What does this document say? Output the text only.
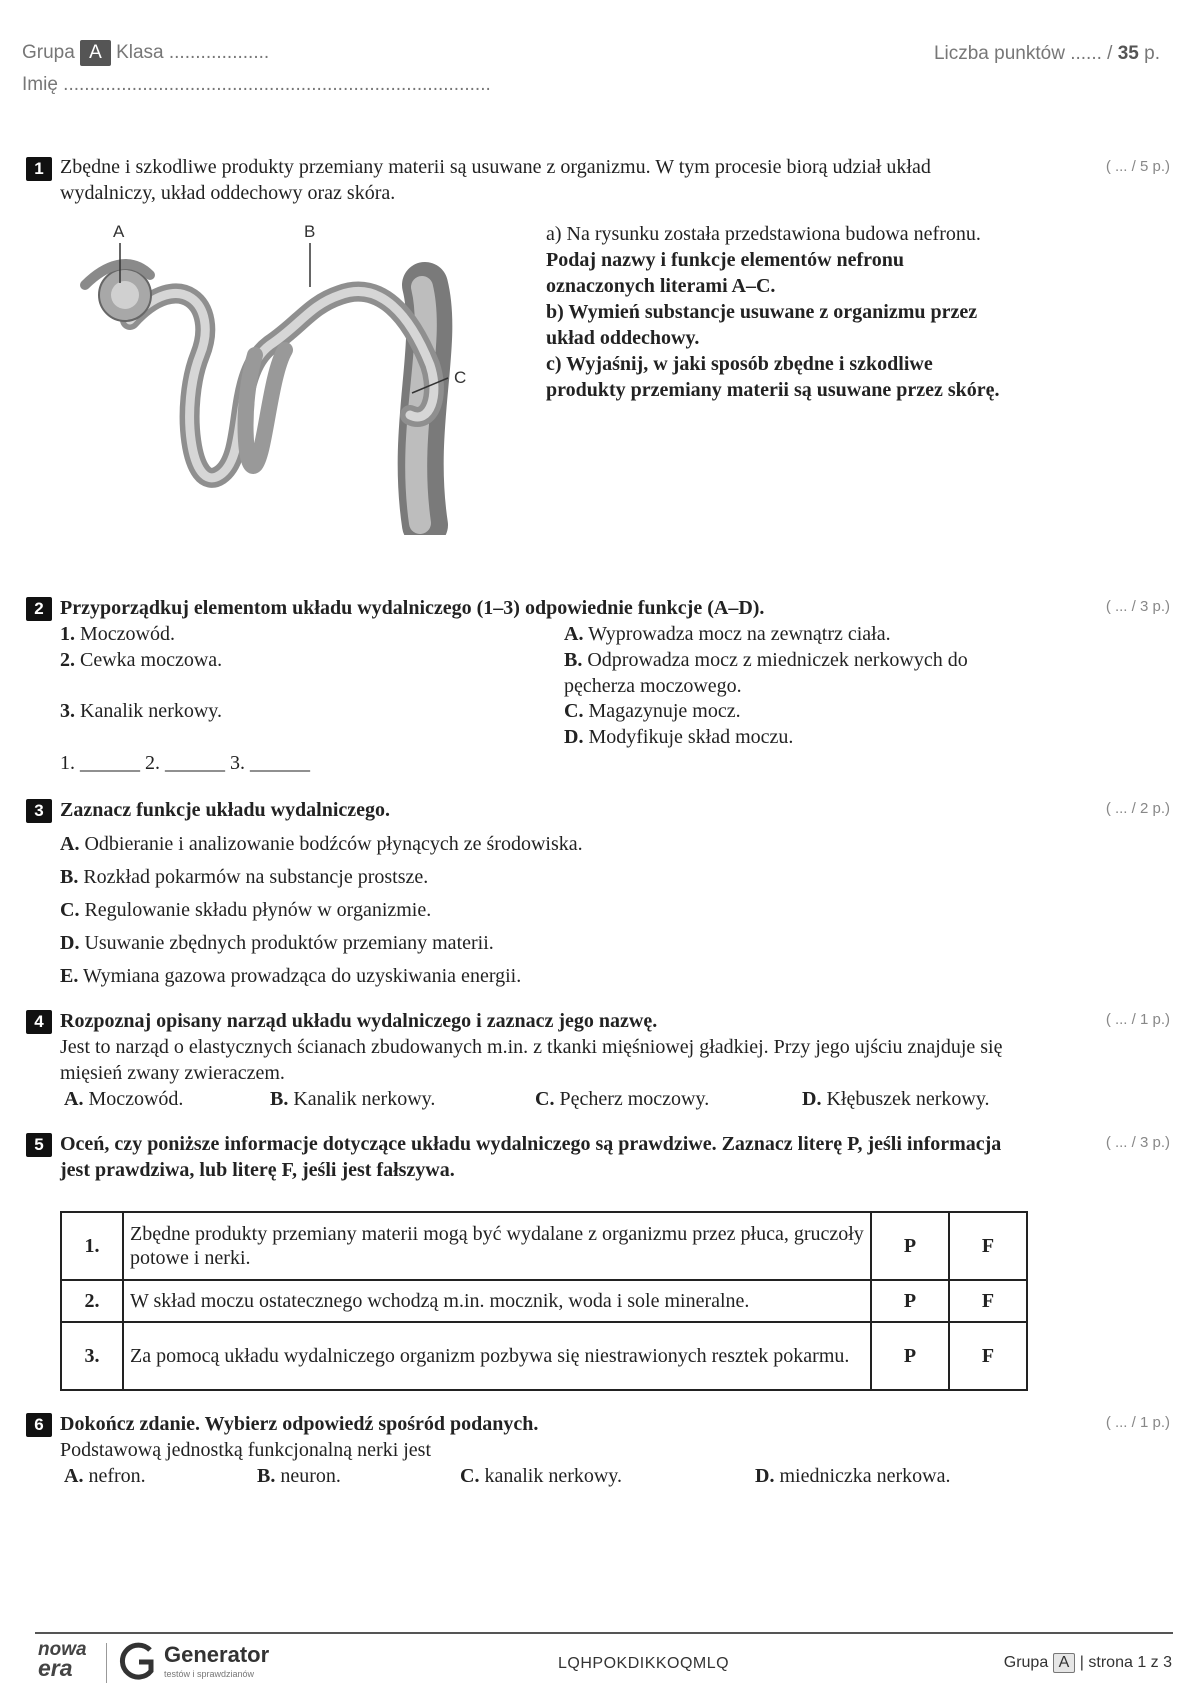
Grupa A Klasa ...................
Imię .................................................................................
Liczba punktów ...... / 35 p.
1	( ... / 5 p.)
Zbędne i szkodliwe produkty przemiany materii są usuwane z organizmu. W tym procesie biorą udział układ wydalniczy, układ oddechowy oraz skóra.
A	B
C
a) Na rysunku została przedstawiona budowa nefronu.
Podaj nazwy i funkcje elementów nefronu oznaczonych literami A–C.
b) Wymień substancje usuwane z organizmu przez układ oddechowy.
c) Wyjaśnij, w jaki sposób zbędne i szkodliwe produkty przemiany materii są usuwane przez skórę.
2	( ... / 3 p.)
Przyporządkuj elementom układu wydalniczego (1–3) odpowiednie funkcje (A–D).
1. Moczowód.
2. Cewka moczowa.
3. Kanalik nerkowy.
A. Wyprowadza mocz na zewnątrz ciała.
B. Odprowadza mocz z miedniczek nerkowych do pęcherza moczowego.
C. Magazynuje mocz.
D. Modyfikuje skład moczu.
1. ______ 2. ______ 3. ______
3	( ... / 2 p.)
Zaznacz funkcje układu wydalniczego.
A. Odbieranie i analizowanie bodźców płynących ze środowiska.
B. Rozkład pokarmów na substancje prostsze.
C. Regulowanie składu płynów w organizmie.
D. Usuwanie zbędnych produktów przemiany materii.
E. Wymiana gazowa prowadząca do uzyskiwania energii.
4	( ... / 1 p.)
Rozpoznaj opisany narząd układu wydalniczego i zaznacz jego nazwę.
Jest to narząd o elastycznych ścianach zbudowanych m.in. z tkanki mięśniowej gładkiej. Przy jego ujściu znajduje się mięsień zwany zwieraczem.
A. Moczowód.	B. Kanalik nerkowy.	C. Pęcherz moczowy.	D. Kłębuszek nerkowy.
5	( ... / 3 p.)
Oceń, czy poniższe informacje dotyczące układu wydalniczego są prawdziwe. Zaznacz literę P, jeśli informacja jest prawdziwa, lub literę F, jeśli jest fałszywa.
1.	Zbędne produkty przemiany materii mogą być wydalane z organizmu przez płuca, gruczoły potowe i nerki.	P	F
2.	W skład moczu ostatecznego wchodzą m.in. mocznik, woda i sole mineralne.	P	F
3.	Za pomocą układu wydalniczego organizm pozbywa się niestrawionych resztek pokarmu.	P	F
6	( ... / 1 p.)
Dokończ zdanie. Wybierz odpowiedź spośród podanych.
Podstawową jednostką funkcjonalną nerki jest
A. nefron.	B. neuron.	C. kanalik nerkowy.	D. miedniczka nerkowa.
nowa
era
Generator
testów i sprawdzianów
LQHPOKDIKKOQMLQ	Grupa A | strona 1 z 3
